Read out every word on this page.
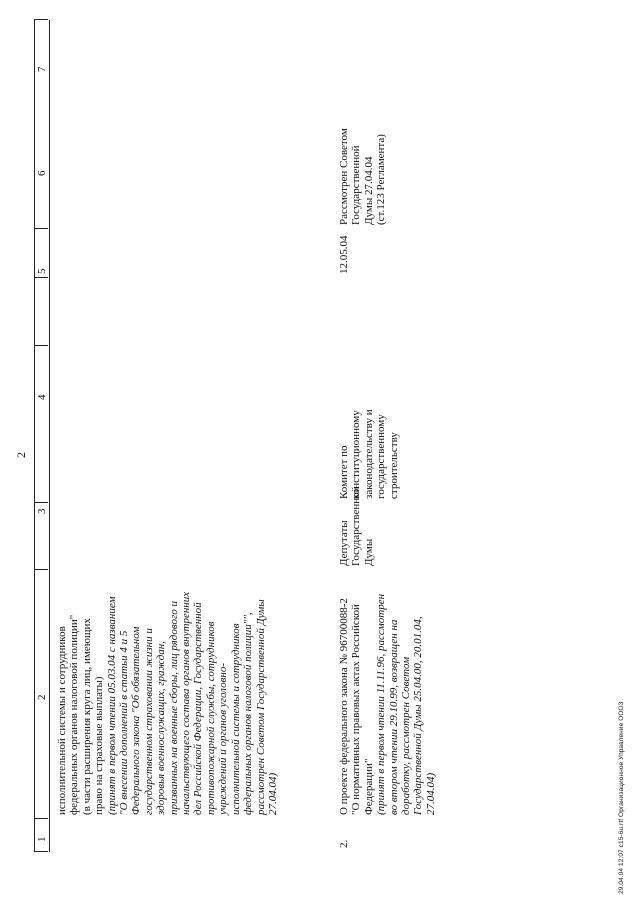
2
1
2
3
4
5
6
7
исполнительной системы и сотрудников федеральных органов налоговой полиции" (в части расширения круга лиц, имеющих право на страховые выплаты) (принят в первом чтении 05.03.04 с названием "О внесении дополнений в статьи 4 и 5 Федерального закона "Об обязательном государственном страховании жизни и здоровья военнослужащих, граждан, призванных на военные сборы, лиц рядового и начальствующего состава органов внутренних дел Российской Федерации, Государственной противопожарной службы, сотрудников учреждений и органов уголовно- исполнительной системы и сотрудников федеральных органов налоговой полиции"", рассмотрен Советом Государственной Думы 27.04.04)
2.
О проекте федерального закона № 96700088-2 "О нормативных правовых актах Российской Федерации" (принят в первом чтении 11.11.96, рассмотрен во втором чтении 29.10.99, возвращен на доработку, рассмотрен Советом Государственной Думы 25.04.00, 20.01.04, 27.04.04)
Депутаты Государственной Думы
Комитет по конституционному законодательству и государственному строительству
12.05.04
Рассмотрен Советом Государственной Думы 27.04.04 (ст.123 Регламента)
29.04.04 12:07 с15-6u.rtf Организационное Управление ООО3
